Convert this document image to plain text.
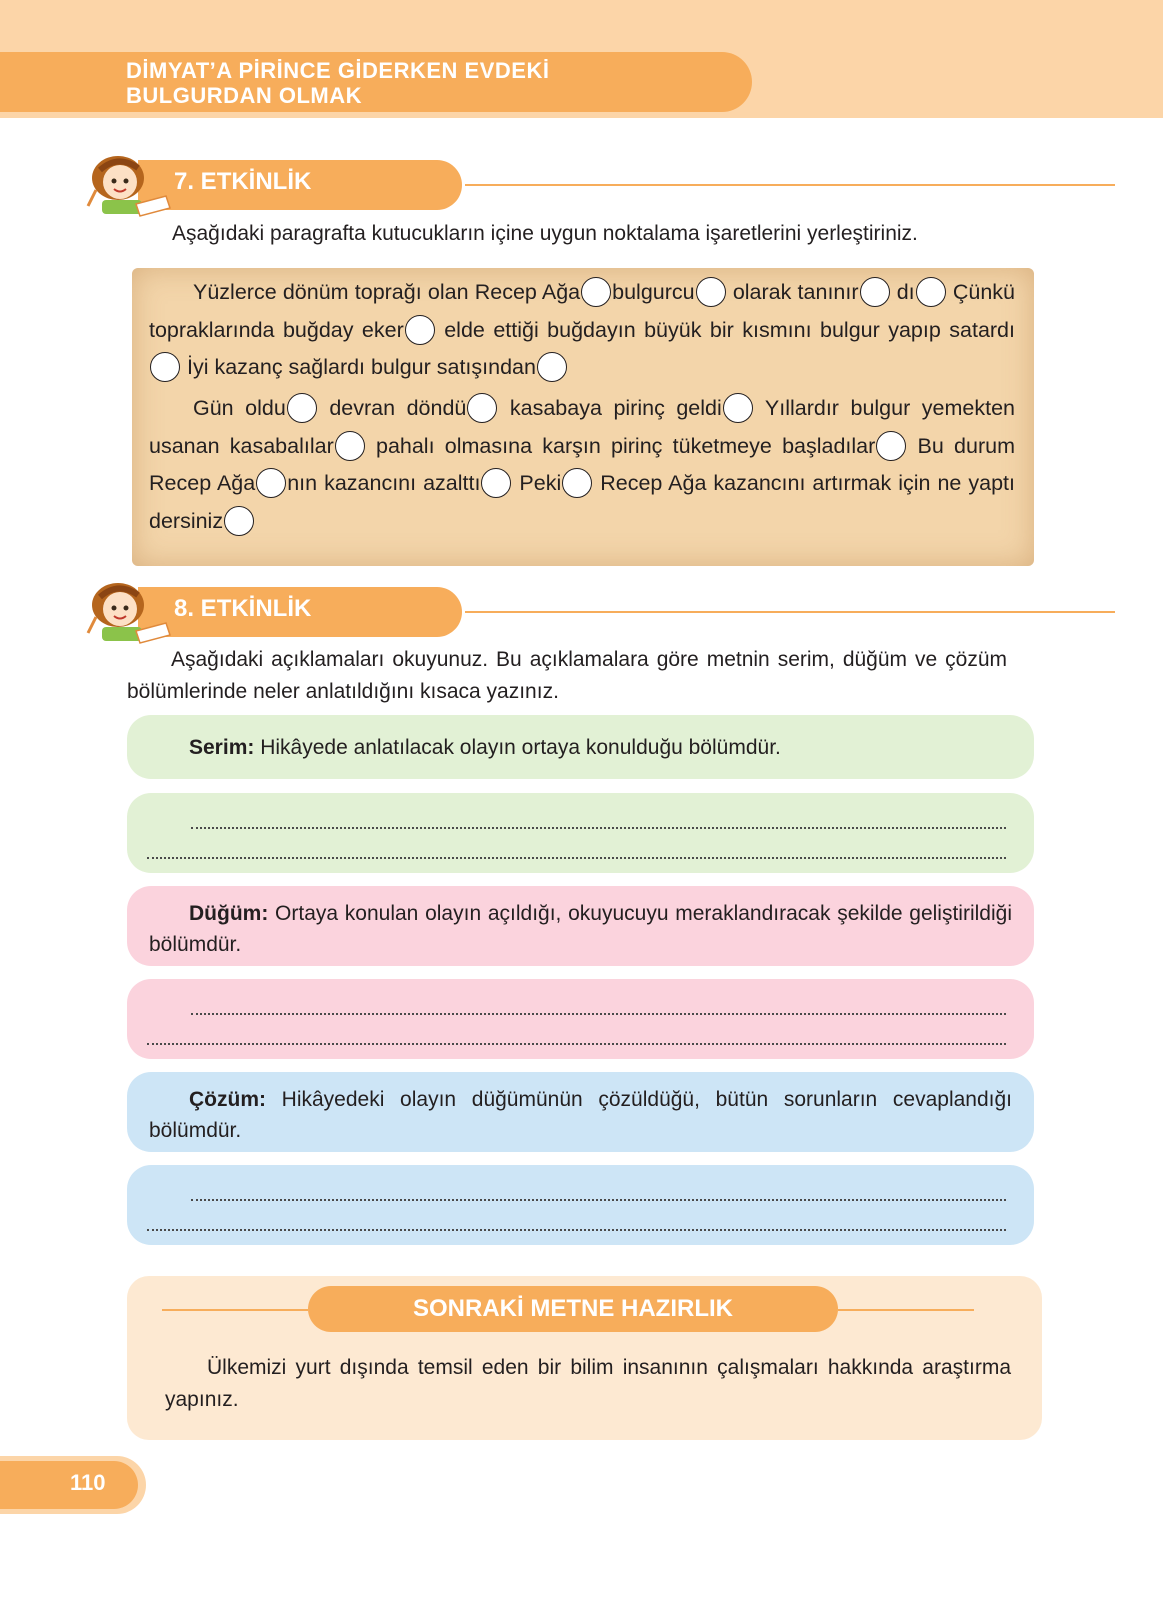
DİMYAT’A PİRİNCE GİDERKEN EVDEKİ
BULGURDAN OLMAK
7. ETKİNLİK
Aşağıdaki paragrafta kutucukların içine uygun noktalama işaretlerini yerleştiriniz.
Yüzlerce dönüm toprağı olan Recep Ağa bulgurcu olarak tanınır dı Çünkü topraklarında buğday eker elde ettiği buğdayın büyük bir kısmını bulgur yapıp satardı İyi kazanç sağlardı bulgur satışından
Gün oldu devran döndü kasabaya pirinç geldi Yıllardır bulgur yemekten usanan kasabalılar pahalı olmasına karşın pirinç tüketmeye başladılar Bu durum Recep Ağa nın kazancını azalttı Peki Recep Ağa kazancını artırmak için ne yaptı dersiniz
8. ETKİNLİK
Aşağıdaki açıklamaları okuyunuz. Bu açıklamalara göre metnin serim, düğüm ve çözüm bölümlerinde neler anlatıldığını kısaca yazınız.
Serim: Hikâyede anlatılacak olayın ortaya konulduğu bölümdür.
Düğüm: Ortaya konulan olayın açıldığı, okuyucuyu meraklandıracak şekilde geliştirildiği bölümdür.
Çözüm: Hikâyedeki olayın düğümünün çözüldüğü, bütün sorunların cevaplandığı bölümdür.
SONRAKİ METNE HAZIRLIK
Ülkemizi yurt dışında temsil eden bir bilim insanının çalışmaları hakkında araştırma yapınız.
110
